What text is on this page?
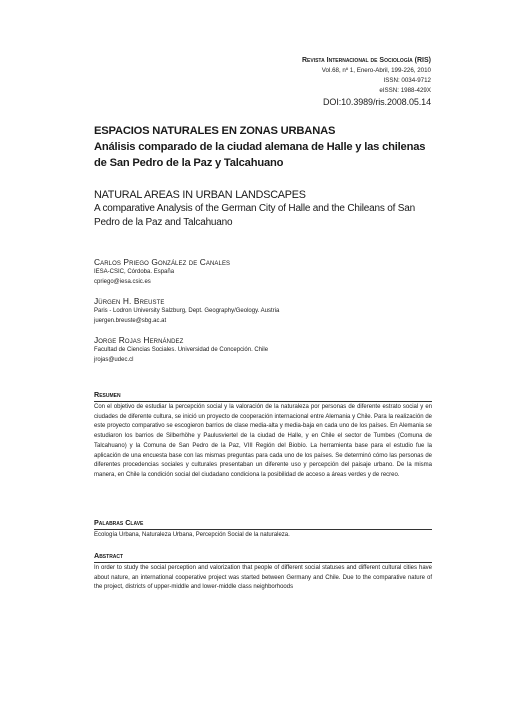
Revista Internacional de Sociología (RIS)
Vol.68, nº 1, Enero-Abril, 199-226, 2010
ISSN: 0034-9712
eISSN: 1988-429X
DOI:10.3989/ris.2008.05.14
ESPACIOS NATURALES EN ZONAS URBANAS
Análisis comparado de la ciudad alemana de Halle y las chilenas de San Pedro de la Paz y Talcahuano
NATURAL AREAS IN URBAN LANDSCAPES
A comparative Analysis of the German City of Halle and the Chileans of San Pedro de la Paz and Talcahuano
Carlos Priego González de Canales
IESA-CSIC, Córdoba. España
cpriego@iesa.csic.es
Jürgen H. Breuste
Paris - Lodron University Salzburg, Dept. Geography/Geology. Austria
juergen.breuste@sbg.ac.at
Jorge Rojas Hernández
Facultad de Ciencias Sociales. Universidad de Concepción. Chile
jrojas@udec.cl
Resumen
Con el objetivo de estudiar la percepción social y la valoración de la naturaleza por personas de diferente estrato social y en ciudades de diferente cultura, se inició un proyecto de cooperación internacional entre Alemania y Chile. Para la realización de este proyecto comparativo se escogieron barrios de clase media-alta y media-baja en cada uno de los países. En Alemania se estudiaron los barrios de Silberhöhe y Paulusviertel de la ciudad de Halle, y en Chile el sector de Tumbes (Comuna de Talcahuano) y la Comuna de San Pedro de la Paz, VIII Región del Biobío. La herramienta base para el estudio fue la aplicación de una encuesta base con las mismas preguntas para cada uno de los países. Se determinó cómo las personas de diferentes procedencias sociales y culturales presentaban un diferente uso y percepción del paisaje urbano. De la misma manera, en Chile la condición social del ciudadano condiciona la posibilidad de acceso a áreas verdes y de recreo.
Palabras Clave
Ecología Urbana, Naturaleza Urbana, Percepción Social de la naturaleza.
Abstract
In order to study the social perception and valorization that people of different social statuses and different cultural cities have about nature, an international cooperative project was started between Germany and Chile. Due to the comparative nature of the project, districts of upper-middle and lower-middle class neighborhoods
